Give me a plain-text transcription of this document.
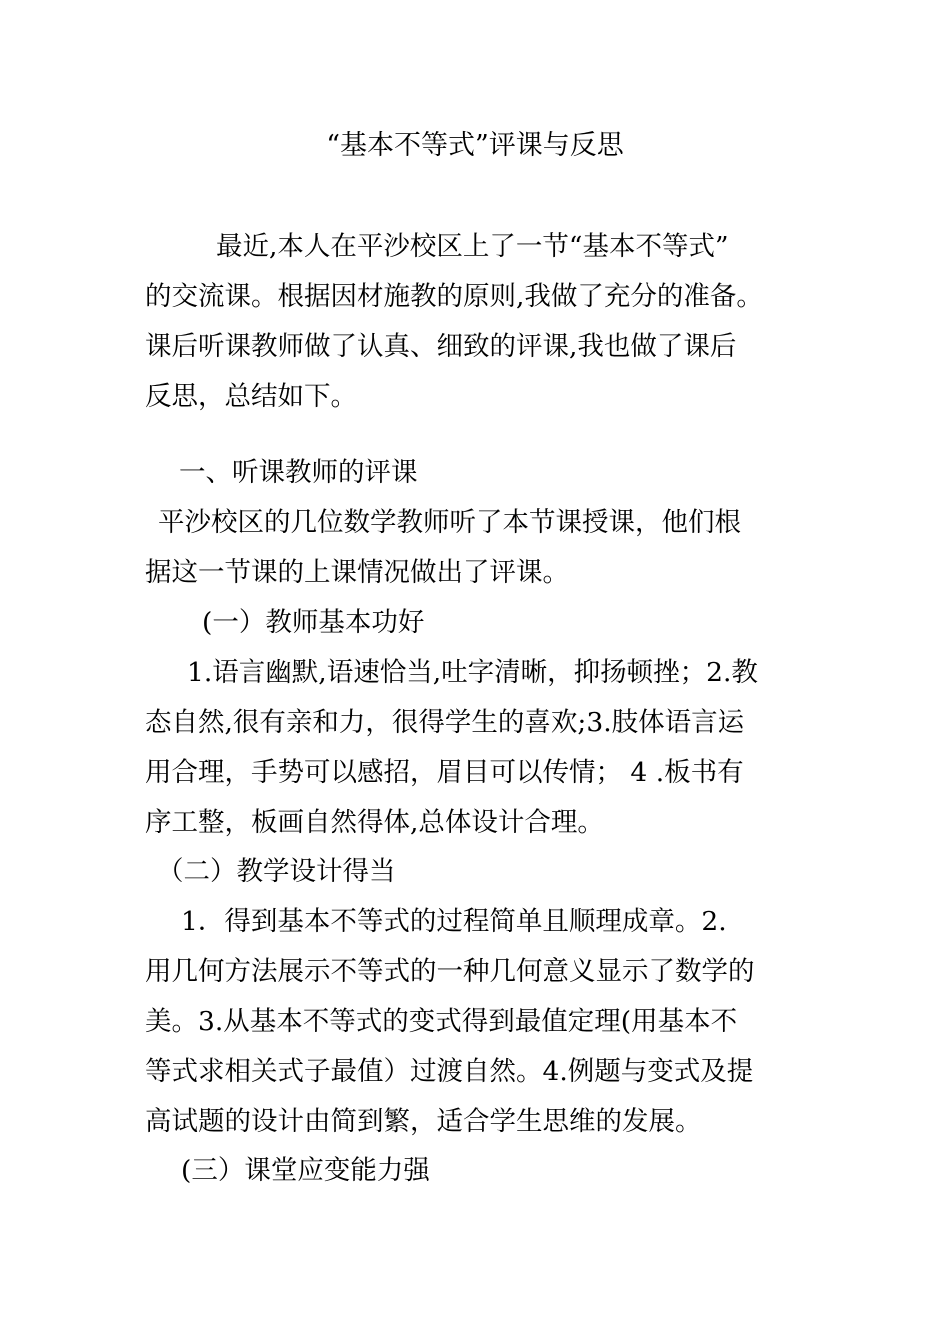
“基本不等式”评课与反思
最近,本人在平沙校区上了一节“基本不等式”
的交流课。根据因材施教的原则,我做了充分的准备。
课后听课教师做了认真、细致的评课,我也做了课后
反思，总结如下。
一、听课教师的评课
平沙校区的几位数学教师听了本节课授课，他们根
据这一节课的上课情况做出了评课。
(一）教师基本功好
1.语言幽默,语速恰当,吐字清晰，抑扬顿挫；2.教
态自然,很有亲和力，很得学生的喜欢;3.肢体语言运
用合理，手势可以感招，眉目可以传情； 4 .板书有
序工整，板画自然得体,总体设计合理。
（二）教学设计得当
1．得到基本不等式的过程简单且顺理成章。2.
用几何方法展示不等式的一种几何意义显示了数学的
美。3.从基本不等式的变式得到最值定理(用基本不
等式求相关式子最值）过渡自然。4.例题与变式及提
高试题的设计由简到繁，适合学生思维的发展。
(三）课堂应变能力强
